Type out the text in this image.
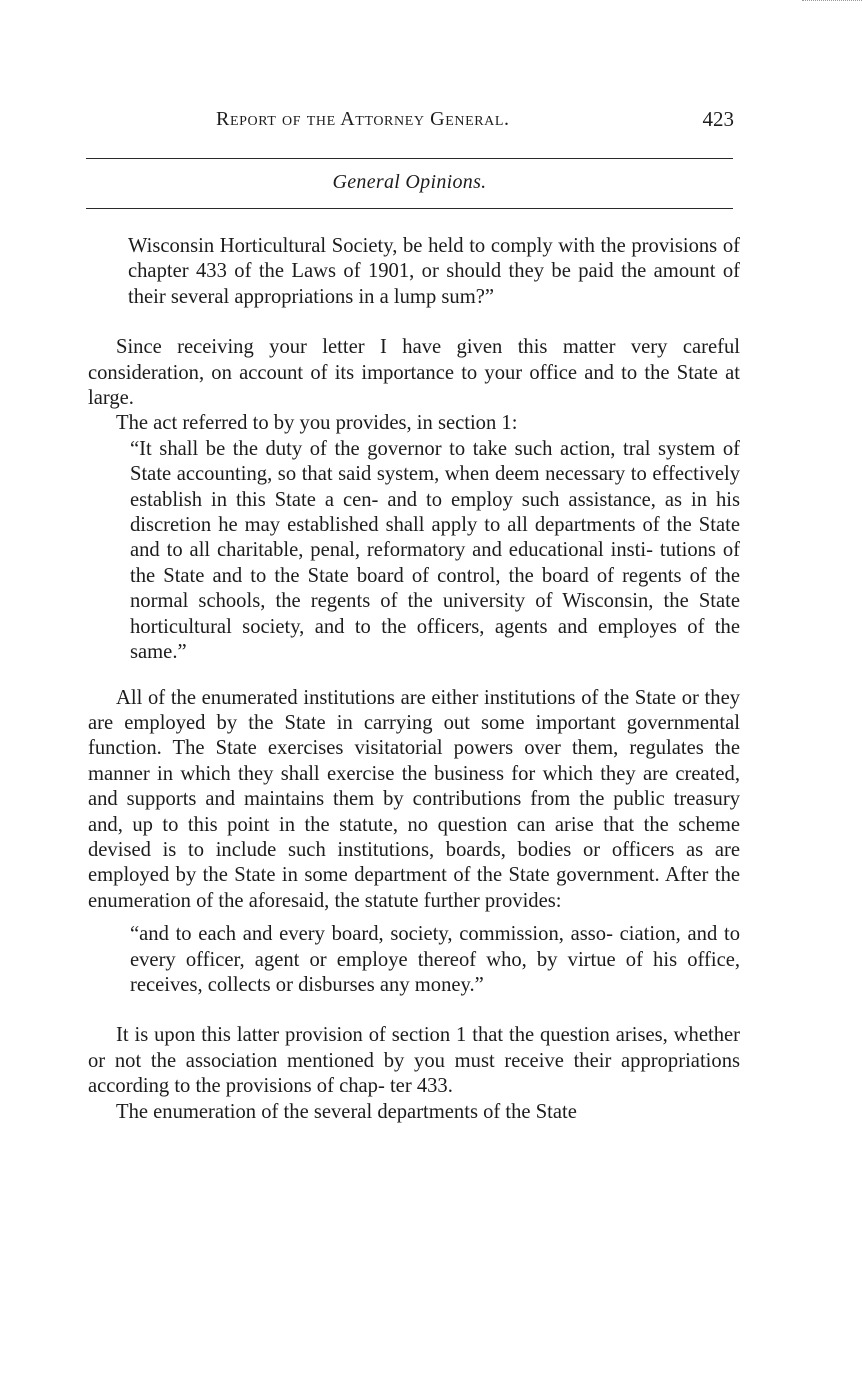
Report of the Attorney General.	423
General Opinions.

Wisconsin Horticultural Society, be held to comply with the provisions of chapter 433 of the Laws of 1901, or should they be paid the amount of their several appropriations in a lump sum?”

Since receiving your letter I have given this matter very careful consideration, on account of its importance to your office and to the State at large.

The act referred to by you provides, in section 1:

“It shall be the duty of the governor to take such action, tral system of State accounting, so that said system, when deem necessary to effectively establish in this State a cen- and to employ such assistance, as in his discretion he may established shall apply to all departments of the State and to all charitable, penal, reformatory and educational insti- tutions of the State and to the State board of control, the board of regents of the normal schools, the regents of the university of Wisconsin, the State horticultural society, and to the officers, agents and employes of the same.”

All of the enumerated institutions are either institutions of the State or they are employed by the State in carrying out some important governmental function. The State exercises visitatorial powers over them, regulates the manner in which they shall exercise the business for which they are created, and supports and maintains them by contributions from the public treasury and, up to this point in the statute, no question can arise that the scheme devised is to include such institutions, boards, bodies or officers as are employed by the State in some department of the State government. After the enumeration of the aforesaid, the statute further provides:

“and to each and every board, society, commission, asso- ciation, and to every officer, agent or employe thereof who, by virtue of his office, receives, collects or disburses any money.”

It is upon this latter provision of section 1 that the question arises, whether or not the association mentioned by you must receive their appropriations according to the provisions of chap- ter 433.

The enumeration of the several departments of the State
